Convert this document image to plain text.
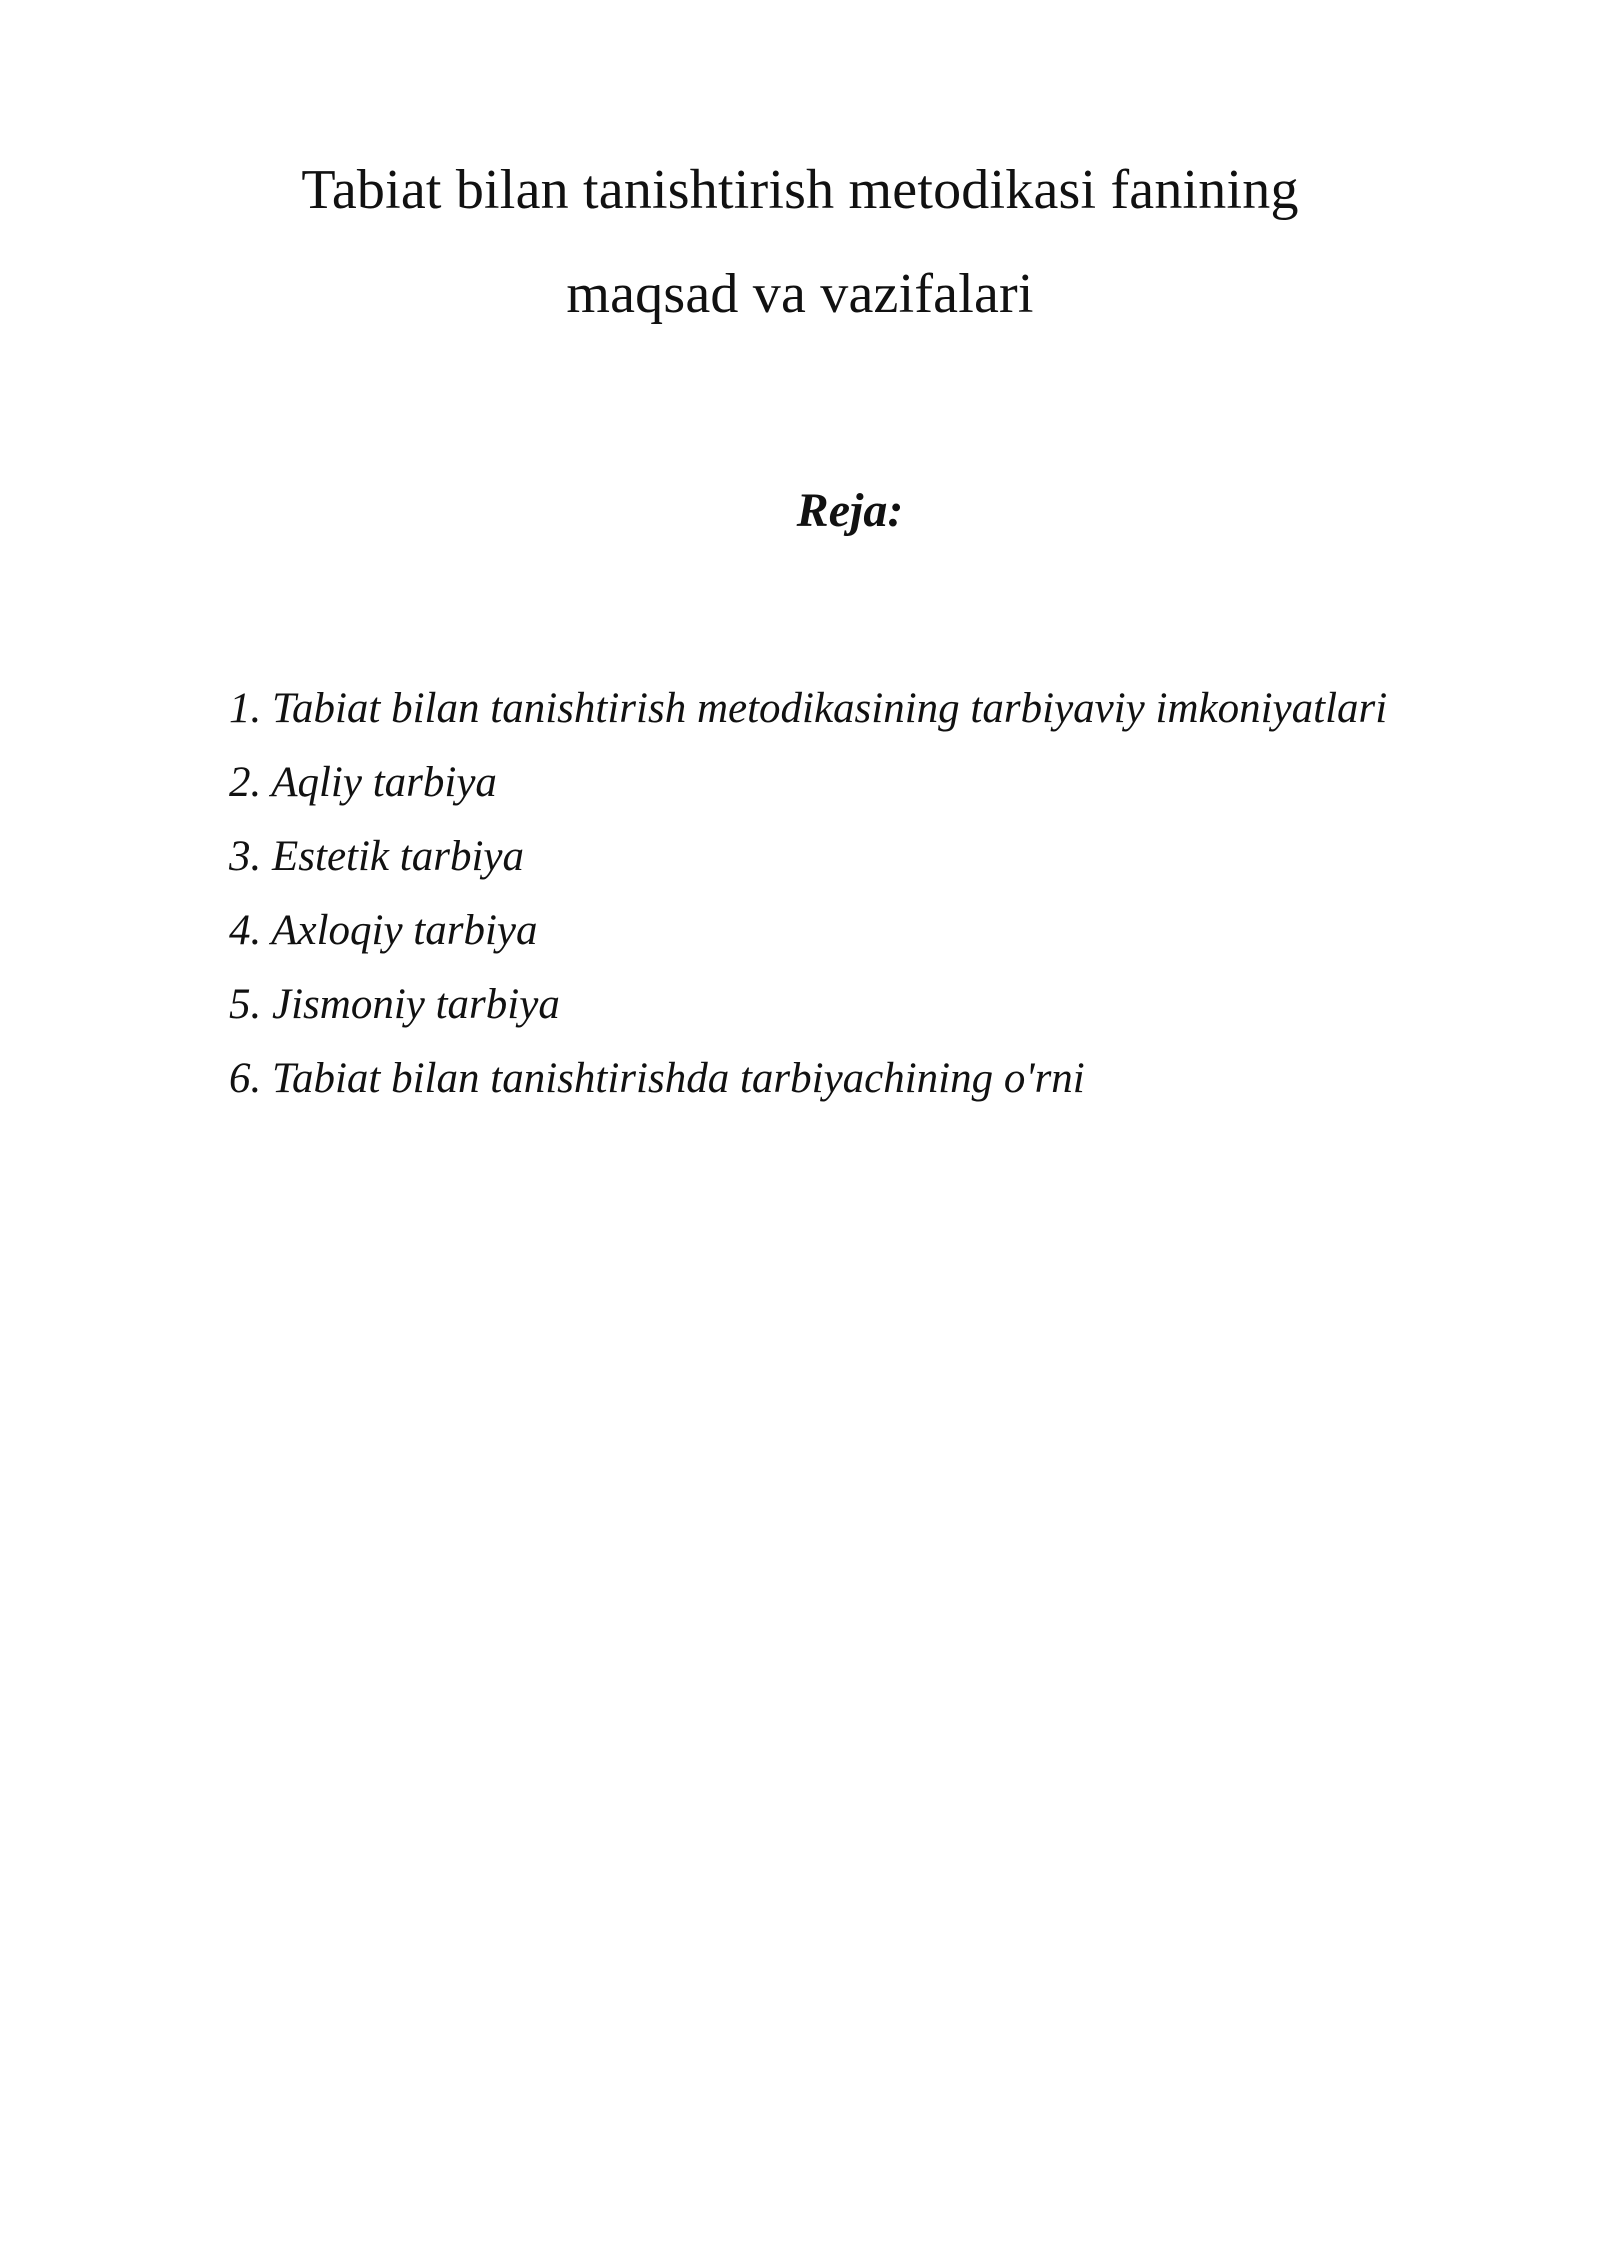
Tabiat bilan tanishtirish metodikasi fanining
maqsad va vazifalari
Reja:
1. Tabiat bilan tanishtirish metodikasining tarbiyaviy imkoniyatlari
2. Aqliy tarbiya
3. Estetik tarbiya
4. Axloqiy tarbiya
5. Jismoniy tarbiya
6. Tabiat bilan tanishtirishda tarbiyachining o'rni
